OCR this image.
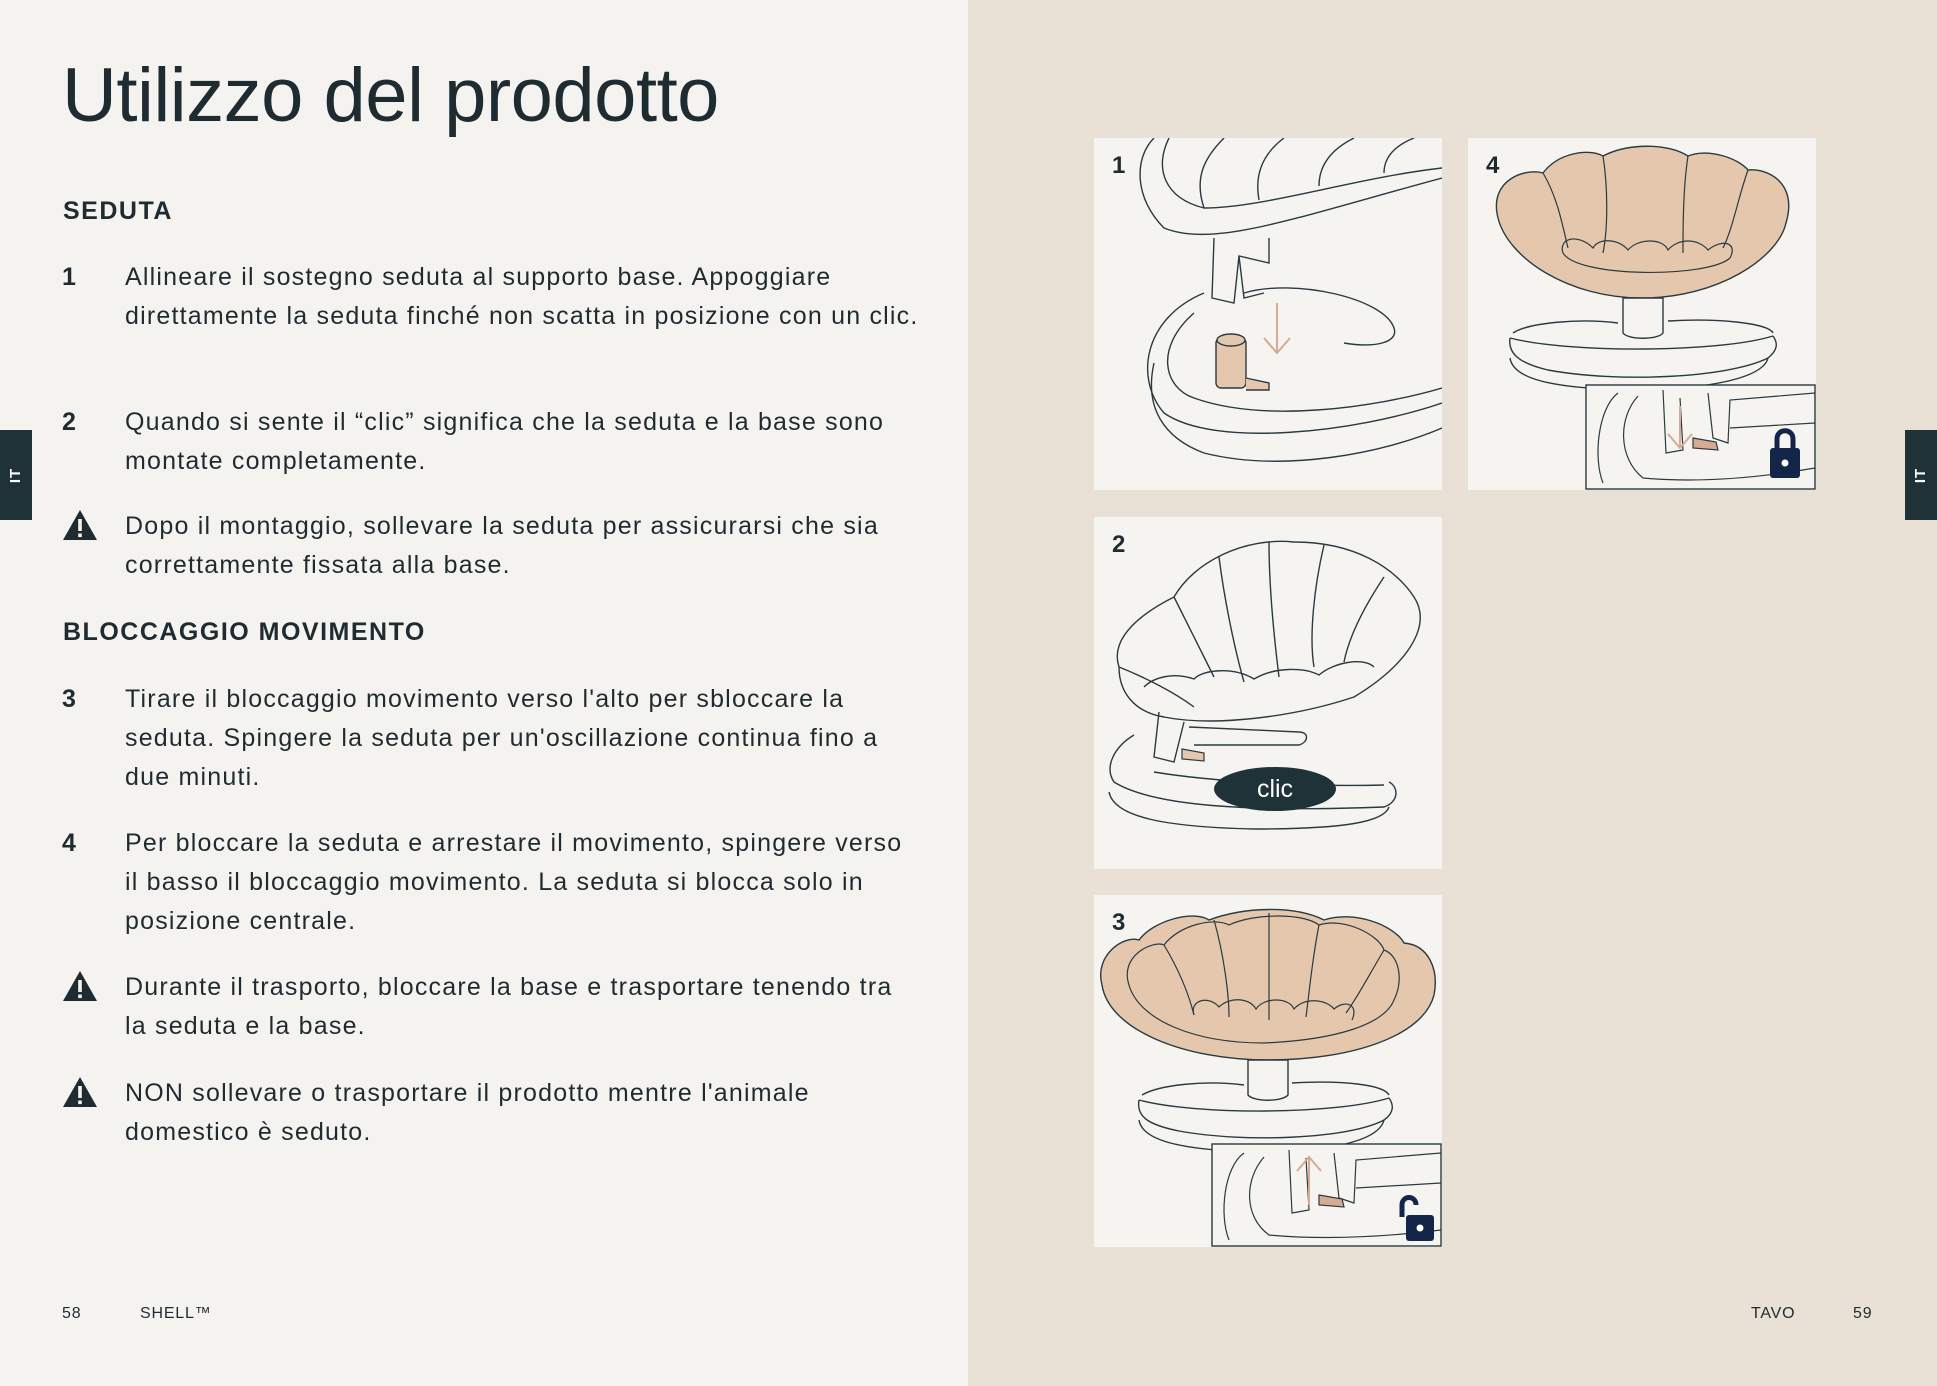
IT	IT
Utilizzo del prodotto
SEDUTA
1	Allineare il sostegno seduta al supporto base. Appoggiare direttamente la seduta finché non scatta in posizione con un clic.
2	Quando si sente il “clic” significa che la seduta e la base sono montate completamente.
Dopo il montaggio, sollevare la seduta per assicurarsi che sia correttamente fissata alla base.
BLOCCAGGIO MOVIMENTO
3	Tirare il bloccaggio movimento verso l'alto per sbloccare la seduta. Spingere la seduta per un'oscillazione continua fino a due minuti.
4	Per bloccare la seduta e arrestare il movimento, spingere verso il basso il bloccaggio movimento. La seduta si blocca solo in posizione centrale.
Durante il trasporto, bloccare la base e trasportare tenendo tra la seduta e la base.
NON sollevare o trasportare il prodotto mentre l'animale domestico è seduto.
1	4
clic
2
3
58	SHELL™	TAVO	59
